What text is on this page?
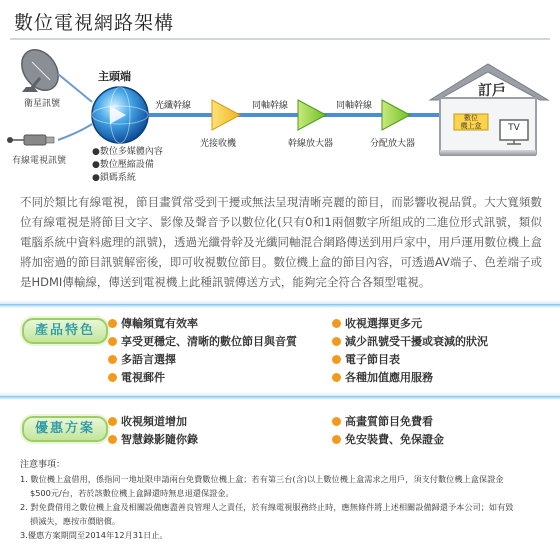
數位電視網路架構
衛星訊號
有線電視訊號
主頭端
●數位多媒體內容
●數位壓縮設備
●鎖碼系統
光纖幹線
光接收機
同軸幹線
幹線放大器
同軸幹線
分配放大器
訂戶
數位
機上盒	TV
不同於類比有線電視，節目畫質常受到干擾或無法呈現清晰亮麗的節目，而影響收視品質。大大寬頻數位有線電視是將節目文字、影像及聲音予以數位化(只有0和1兩個數字所組成的二進位形式訊號，類似電腦系統中資料處理的訊號)，透過光纖骨幹及光纖同軸混合網路傳送到用戶家中，用戶運用數位機上盒將加密過的節目訊號解密後，即可收視數位節目。數位機上盒的節目內容，可透過AV端子、色差端子或是HDMI傳輸線，傳送到電視機上此種訊號傳送方式，能夠完全符合各類型電視。
產品特色	傳輸頻寬有效率	收視選擇更多元
享受更穩定、清晰的數位節目與音質	減少訊號受干擾或衰減的狀況
多語言選擇	電子節目表
電視郵件	各種加值應用服務
優惠方案	收視頻道增加	高畫質節目免費看
智慧錄影隨你錄	免安裝費、免保證金
注意事項：
1. 數位機上盒借用，係指同一地址限申請兩台免費數位機上盒；若有第三台(含)以上數位機上盒需求之用戶，須支付數位機上盒保證金
$500元/台，若於該數位機上盒歸還時無息退還保證金。
2. 對免費借用之數位機上盒及相關設備應盡善良管理人之責任，於有線電視服務終止時，應無條件將上述相關設備歸還予本公司；如有毀
損滅失，應按市價賠償。
3.優惠方案期間至2014年12月31日止。
